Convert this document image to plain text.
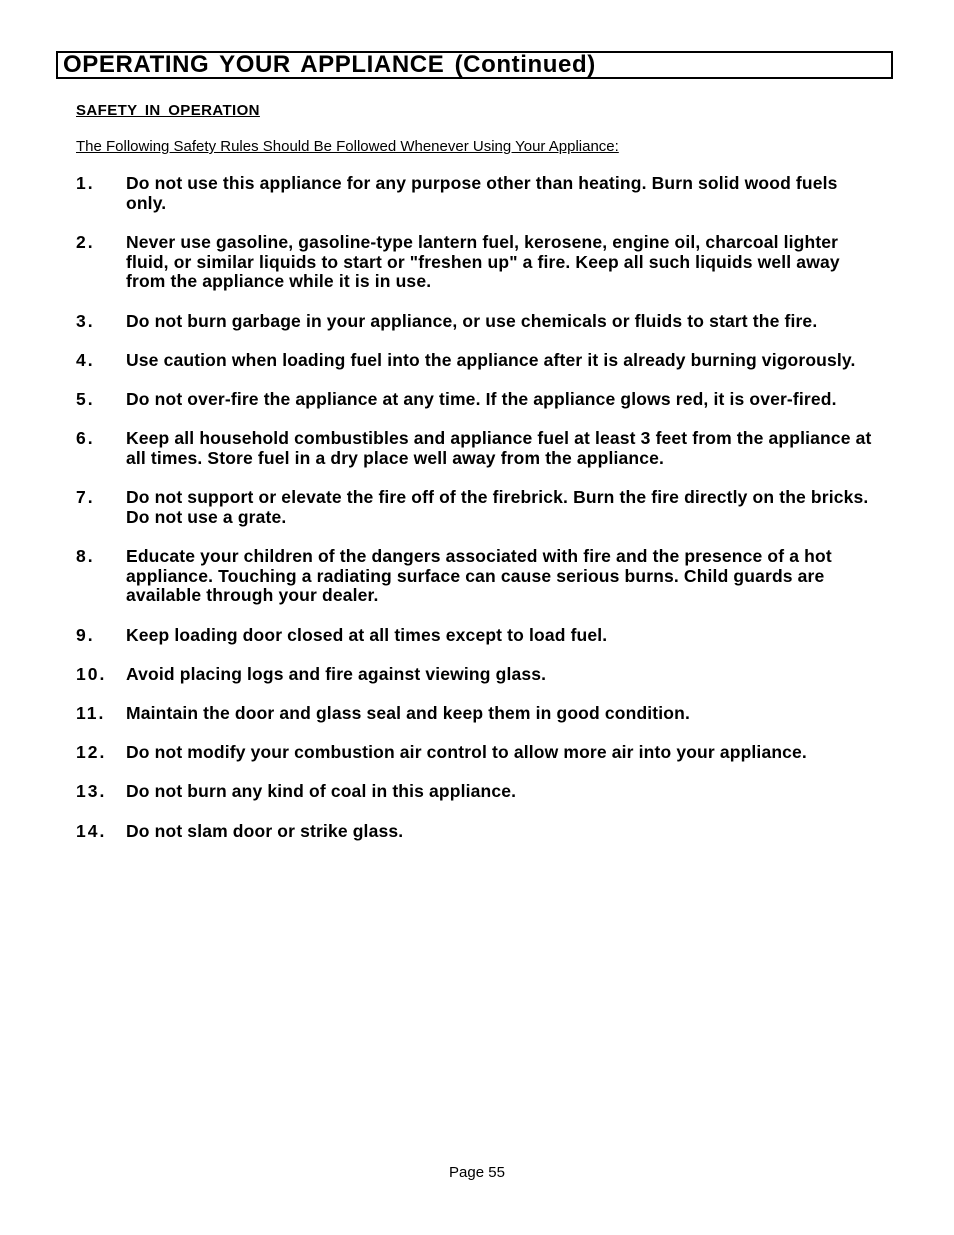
OPERATING YOUR APPLIANCE (Continued)
SAFETY IN OPERATION
The Following Safety Rules Should Be Followed Whenever Using Your Appliance:
1. Do not use this appliance for any purpose other than heating. Burn solid wood fuels only.
2. Never use gasoline, gasoline-type lantern fuel, kerosene, engine oil, charcoal lighter fluid, or similar liquids to start or "freshen up" a fire. Keep all such liquids well away from the appliance while it is in use.
3. Do not burn garbage in your appliance, or use chemicals or fluids to start the fire.
4. Use caution when loading fuel into the appliance after it is already burning vigorously.
5. Do not over-fire the appliance at any time. If the appliance glows red, it is over-fired.
6. Keep all household combustibles and appliance fuel at least 3 feet from the appliance at all times. Store fuel in a dry place well away from the appliance.
7. Do not support or elevate the fire off of the firebrick. Burn the fire directly on the bricks. Do not use a grate.
8. Educate your children of the dangers associated with fire and the presence of a hot appliance. Touching a radiating surface can cause serious burns. Child guards are available through your dealer.
9. Keep loading door closed at all times except to load fuel.
10. Avoid placing logs and fire against viewing glass.
11. Maintain the door and glass seal and keep them in good condition.
12. Do not modify your combustion air control to allow more air into your appliance.
13. Do not burn any kind of coal in this appliance.
14. Do not slam door or strike glass.
Page 55
